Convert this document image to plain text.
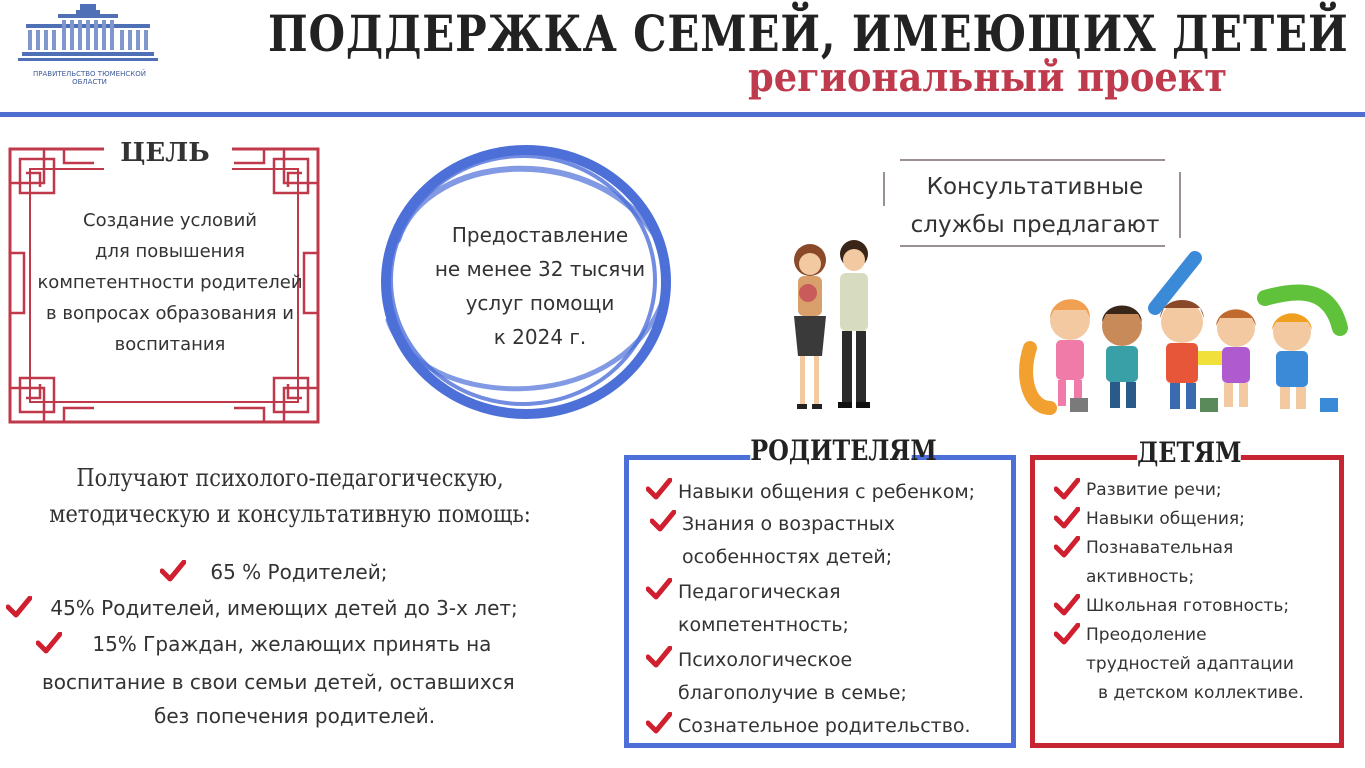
ПРАВИТЕЛЬСТВО ТЮМЕНСКОЙ ОБЛАСТИ
ПОДДЕРЖКА СЕМЕЙ, ИМЕЮЩИХ ДЕТЕЙ
региональный проект
ЦЕЛЬ
Создание условий
для повышения
компетентности родителей
в вопросах образования и
воспитания
Предоставление
не менее 32 тысячи
услуг помощи
к 2024 г.
Консультативные
службы предлагают
Получают психолого-педагогическую,
методическую и консультативную помощь:
65 % Родителей;
45% Родителей, имеющих детей до 3-х лет;
15% Граждан, желающих принять на
воспитание в свои семьи детей, оставшихся
без попечения родителей.
РОДИТЕЛЯМ
Навыки общения с ребенком;
Знания о возрастных
особенностях детей;
Педагогическая
компетентность;
Психологическое
благополучие в семье;
Сознательное родительство.
ДЕТЯМ
Развитие речи;
Навыки общения;
Познавательная
активность;
Школьная готовность;
Преодоление
трудностей адаптации
в детском коллективе.
